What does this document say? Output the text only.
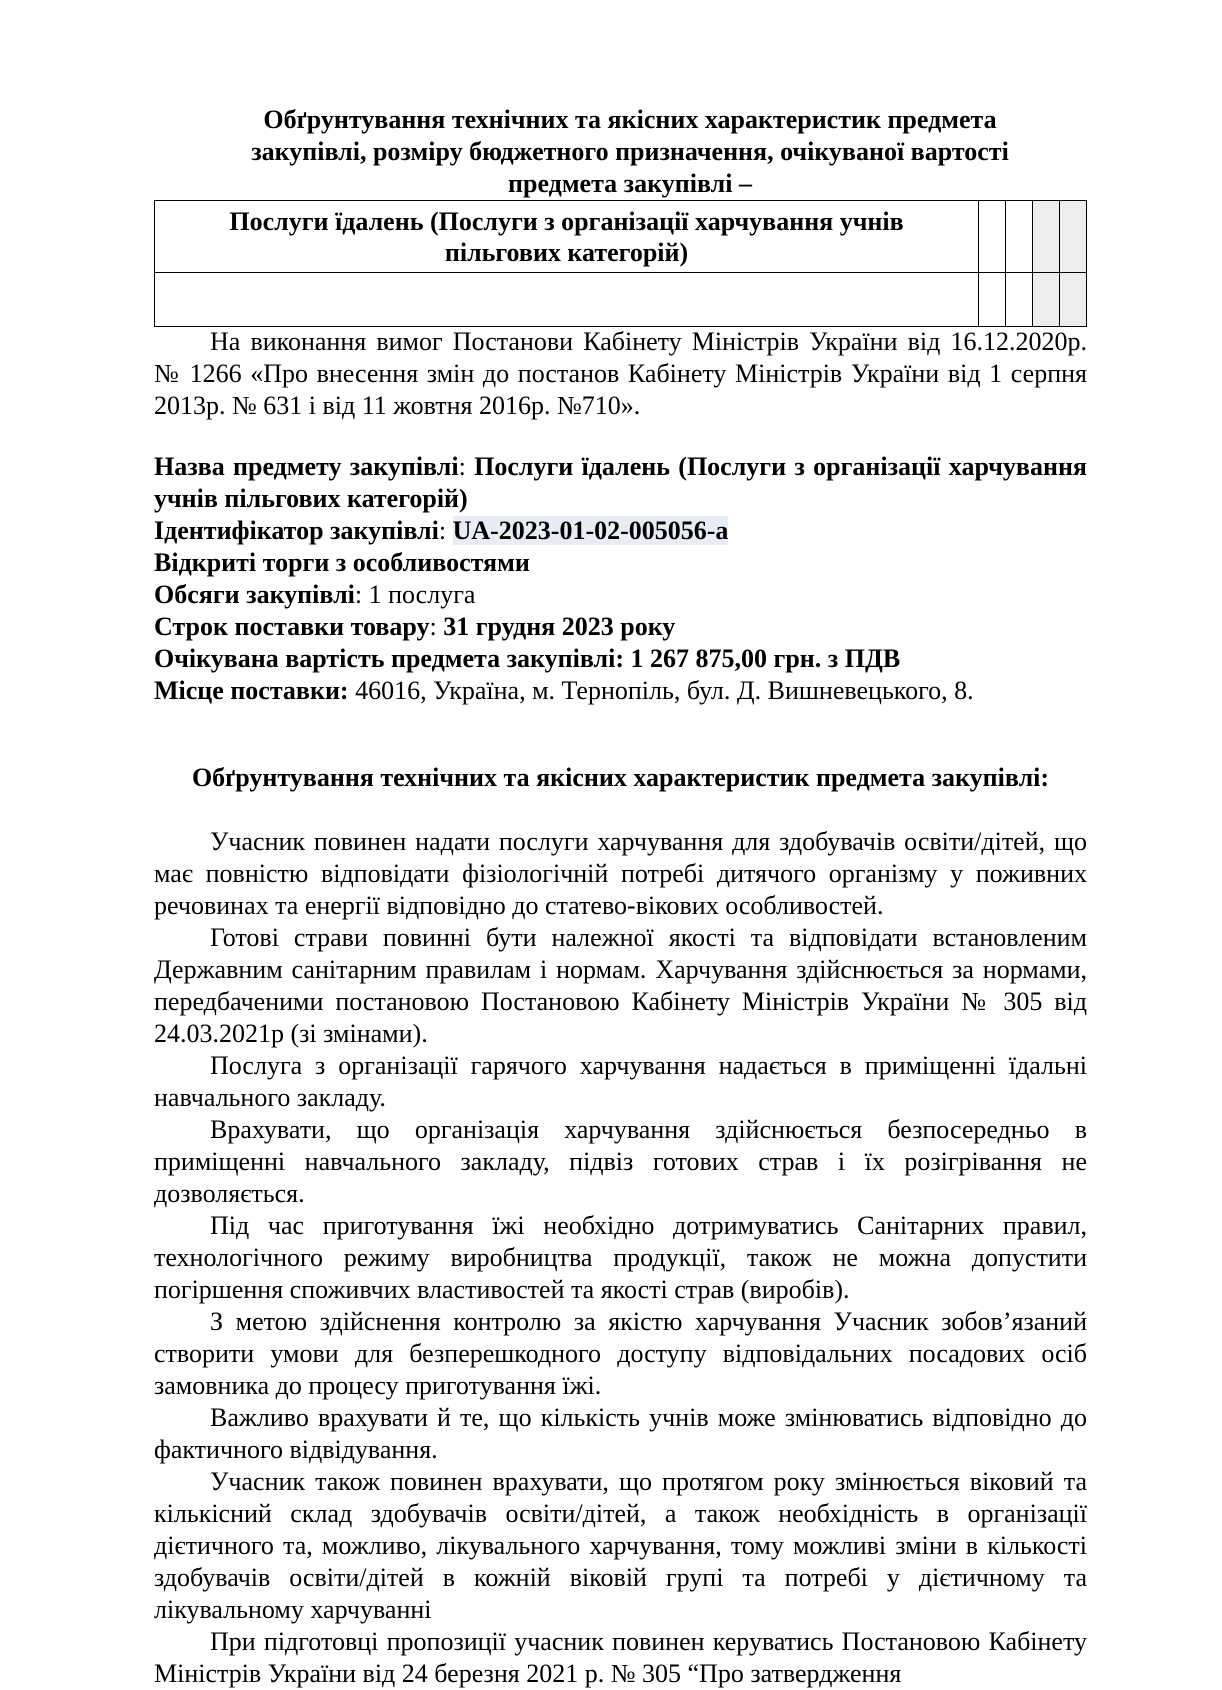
Обґрунтування технічних та якісних характеристик предмета
закупівлі, розміру бюджетного призначення, очікуваної вартості
предмета закупівлі –
Послуги їдалень (Послуги з організації харчування учнів
пільгових категорій)				

На виконання вимог Постанови Кабінету Міністрів України від 16.12.2020р. № 1266 «Про внесення змін до постанов Кабінету Міністрів України від 1 серпня 2013р. № 631 і від 11 жовтня 2016р. №710».
Назва предмету закупівлі: Послуги їдалень (Послуги з організації харчування учнів пільгових категорій)
Ідентифікатор закупівлі: UA-2023-01-02-005056-a
Відкриті торги з особливостями
Обсяги закупівлі: 1 послуга
Строк поставки товару: 31 грудня 2023 року
Очікувана вартість предмета закупівлі: 1 267 875,00 грн. з ПДВ
Місце поставки: 46016, Україна, м. Тернопіль, бул. Д. Вишневецького, 8.
Обґрунтування технічних та якісних характеристик предмета закупівлі:
Учасник повинен надати послуги харчування для здобувачів освіти/дітей, що має повністю відповідати фізіологічній потребі дитячого організму у поживних речовинах та енергії відповідно до статево-вікових особливостей.
Готові страви повинні бути належної якості та відповідати встановленим Державним санітарним правилам і нормам. Харчування здійснюється за нормами, передбаченими постановою Постановою Кабінету Міністрів України № 305 від 24.03.2021р (зі змінами).
Послуга з організації гарячого харчування надається в приміщенні їдальні навчального закладу.
Врахувати, що організація харчування здійснюється безпосередньо в приміщенні навчального закладу, підвіз готових страв і їх розігрівання не дозволяється.
Під час приготування їжі необхідно дотримуватись Санітарних правил, технологічного режиму виробництва продукції, також не можна допустити погіршення споживчих властивостей та якості страв (виробів).
З метою здійснення контролю за якістю харчування Учасник зобов’язаний створити умови для безперешкодного доступу відповідальних посадових осіб замовника до процесу приготування їжі.
Важливо врахувати й те, що кількість учнів може змінюватись відповідно до фактичного відвідування.
Учасник також повинен врахувати, що протягом року змінюється віковий та кількісний склад здобувачів освіти/дітей, а також необхідність в організації дієтичного та, можливо, лікувального харчування, тому можливі зміни в кількості здобувачів освіти/дітей в кожній віковій групі та потребі у дієтичному та лікувальному харчуванні
При підготовці пропозиції учасник повинен керуватись Постановою Кабінету Міністрів України від 24 березня 2021 р. № 305 “Про затвердження
